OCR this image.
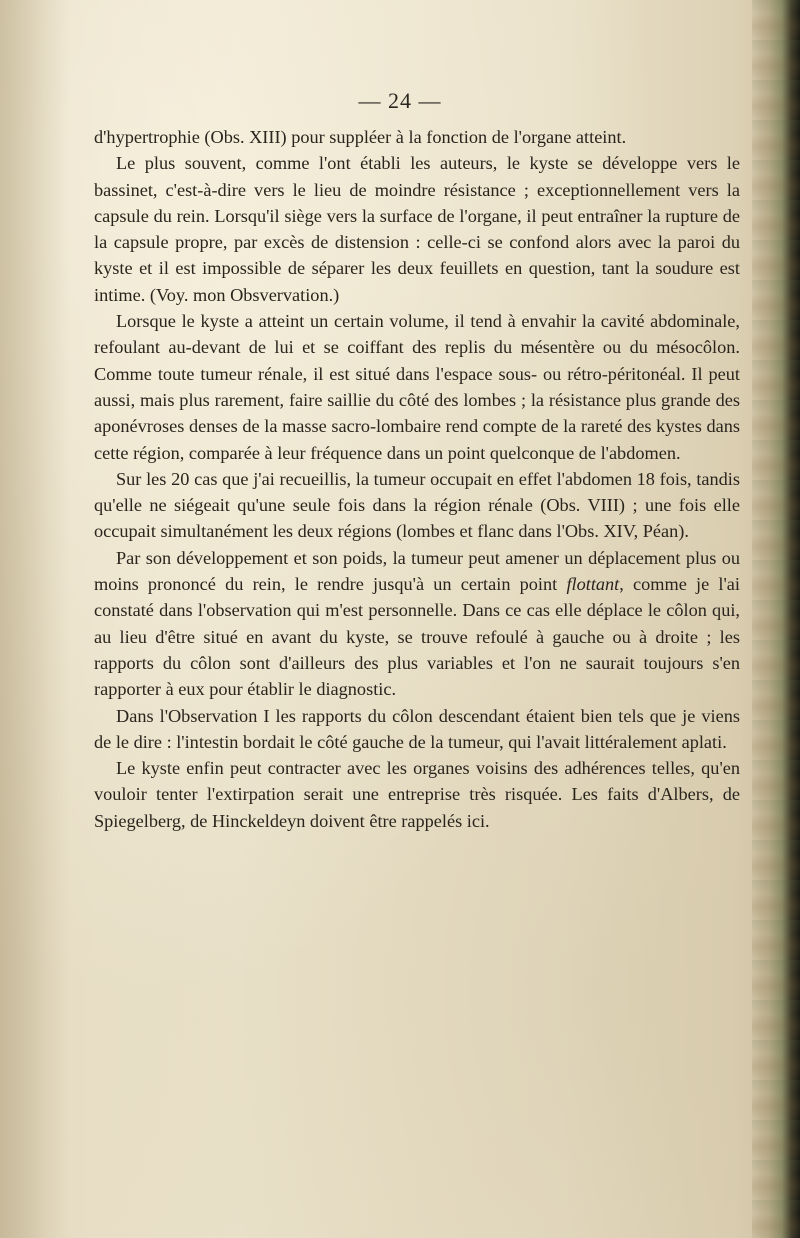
— 24 —

d'hypertrophie (Obs. XIII) pour suppléer à la fonction de l'organe atteint.

Le plus souvent, comme l'ont établi les auteurs, le kyste se développe vers le bassinet, c'est-à-dire vers le lieu de moindre résistance ; exceptionnellement vers la capsule du rein. Lorsqu'il siège vers la surface de l'organe, il peut entraîner la rupture de la capsule propre, par excès de distension : celle-ci se confond alors avec la paroi du kyste et il est impossible de séparer les deux feuillets en question, tant la soudure est intime. (Voy. mon Obsvervation.)

Lorsque le kyste a atteint un certain volume, il tend à envahir la cavité abdominale, refoulant au-devant de lui et se coiffant des replis du mésentère ou du mésocôlon. Comme toute tumeur rénale, il est situé dans l'espace sous- ou rétro-péritonéal. Il peut aussi, mais plus rarement, faire saillie du côté des lombes ; la résistance plus grande des aponévroses denses de la masse sacro-lombaire rend compte de la rareté des kystes dans cette région, comparée à leur fréquence dans un point quelconque de l'abdomen.

Sur les 20 cas que j'ai recueillis, la tumeur occupait en effet l'abdomen 18 fois, tandis qu'elle ne siégeait qu'une seule fois dans la région rénale (Obs. VIII) ; une fois elle occupait simultanément les deux régions (lombes et flanc dans l'Obs. XIV, Péan).

Par son développement et son poids, la tumeur peut amener un déplacement plus ou moins prononcé du rein, le rendre jusqu'à un certain point flottant, comme je l'ai constaté dans l'observation qui m'est personnelle. Dans ce cas elle déplace le côlon qui, au lieu d'être situé en avant du kyste, se trouve refoulé à gauche ou à droite ; les rapports du côlon sont d'ailleurs des plus variables et l'on ne saurait toujours s'en rapporter à eux pour établir le diagnostic.

Dans l'Observation I les rapports du côlon descendant étaient bien tels que je viens de le dire : l'intestin bordait le côté gauche de la tumeur, qui l'avait littéralement aplati.

Le kyste enfin peut contracter avec les organes voisins des adhérences telles, qu'en vouloir tenter l'extirpation serait une entreprise très risquée. Les faits d'Albers, de Spiegelberg, de Hinckeldeyn doivent être rappelés ici.
